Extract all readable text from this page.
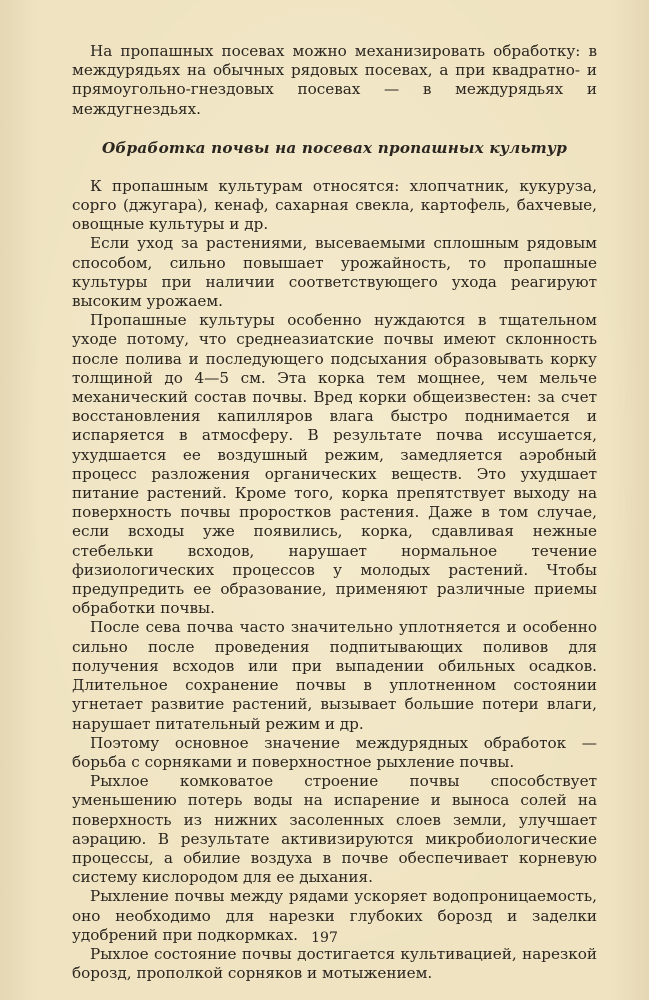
На пропашных посевах можно механизировать обработку: в междурядьях на обычных рядовых посевах, а при квадратно- и прямоугольно-гнездовых посевах — в междурядьях и междугнездьях.

Обработка почвы на посевах пропашных культур

К пропашным культурам относятся: хлопчатник, кукуруза, сорго (джугара), кенаф, сахарная свекла, картофель, бахчевые, овощные культуры и др.

Если уход за растениями, высеваемыми сплошным рядовым способом, сильно повышает урожайность, то пропашные культуры при наличии соответствующего ухода реагируют высоким урожаем.

Пропашные культуры особенно нуждаются в тщательном уходе потому, что среднеазиатские почвы имеют склонность после полива и последующего подсыхания образовывать корку толщиной до 4—5 см. Эта корка тем мощнее, чем мельче механический состав почвы. Вред корки общеизвестен: за счет восстановления капилляров влага быстро поднимается и испаряется в атмосферу. В результате почва иссушается, ухудшается ее воздушный режим, замедляется аэробный процесс разложения органических веществ. Это ухудшает питание растений. Кроме того, корка препятствует выходу на поверхность почвы проростков растения. Даже в том случае, если всходы уже появились, корка, сдавливая нежные стебельки всходов, нарушает нормальное течение физиологических процессов у молодых растений. Чтобы предупредить ее образование, применяют различные приемы обработки почвы.

После сева почва часто значительно уплотняется и особенно сильно после проведения подпитывающих поливов для получения всходов или при выпадении обильных осадков. Длительное сохранение почвы в уплотненном состоянии угнетает развитие растений, вызывает большие потери влаги, нарушает питательный режим и др.

Поэтому основное значение междурядных обработок — борьба с сорняками и поверхностное рыхление почвы.

Рыхлое комковатое строение почвы способствует уменьшению потерь воды на испарение и выноса солей на поверхность из нижних засоленных слоев земли, улучшает аэрацию. В результате активизируются микробиологические процессы, а обилие воздуха в почве обеспечивает корневую систему кислородом для ее дыхания.

Рыхление почвы между рядами ускоряет водопроницаемость, оно необходимо для нарезки глубоких борозд и заделки удобрений при подкормках.

Рыхлое состояние почвы достигается культивацией, нарезкой борозд, прополкой сорняков и мотыжением.

197
